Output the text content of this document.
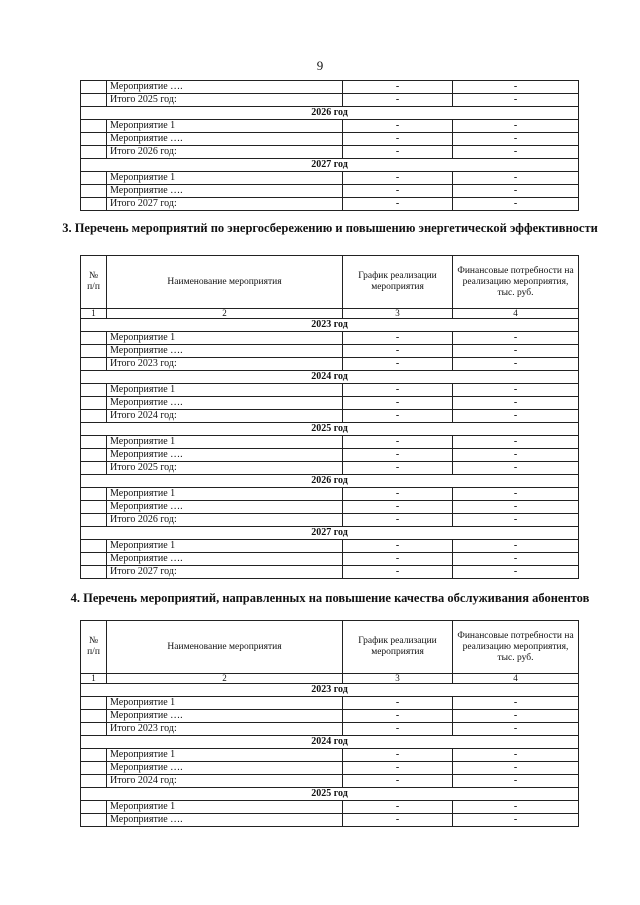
9
	Мероприятие ….	-	-
	Итого 2025 год:	-	-
2026 год			
	Мероприятие 1	-	-
	Мероприятие ….	-	-
	Итого 2026 год:	-	-
2027 год			
	Мероприятие 1	-	-
	Мероприятие ….	-	-
	Итого 2027 год:	-	-
3. Перечень мероприятий по энергосбережению и повышению энергетической эффективности
№
п/п	Наименование мероприятия	График реализации мероприятия	Финансовые потребности на реализацию мероприятия, тыс. руб.
1	2	3	4
2023 год			
	Мероприятие 1	-	-
	Мероприятие ….	-	-
	Итого 2023 год:	-	-
2024 год			
	Мероприятие 1	-	-
	Мероприятие ….	-	-
	Итого 2024 год:	-	-
2025 год			
	Мероприятие 1	-	-
	Мероприятие ….	-	-
	Итого 2025 год:	-	-
2026 год			
	Мероприятие 1	-	-
	Мероприятие ….	-	-
	Итого 2026 год:	-	-
2027 год			
	Мероприятие 1	-	-
	Мероприятие ….	-	-
	Итого 2027 год:	-	-
4. Перечень мероприятий, направленных на повышение качества обслуживания абонентов
№
п/п	Наименование мероприятия	График реализации мероприятия	Финансовые потребности на реализацию мероприятия, тыс. руб.
1	2	3	4
2023 год			
	Мероприятие 1	-	-
	Мероприятие ….	-	-
	Итого 2023 год:	-	-
2024 год			
	Мероприятие 1	-	-
	Мероприятие ….	-	-
	Итого 2024 год:	-	-
2025 год			
	Мероприятие 1	-	-
	Мероприятие ….	-	-
